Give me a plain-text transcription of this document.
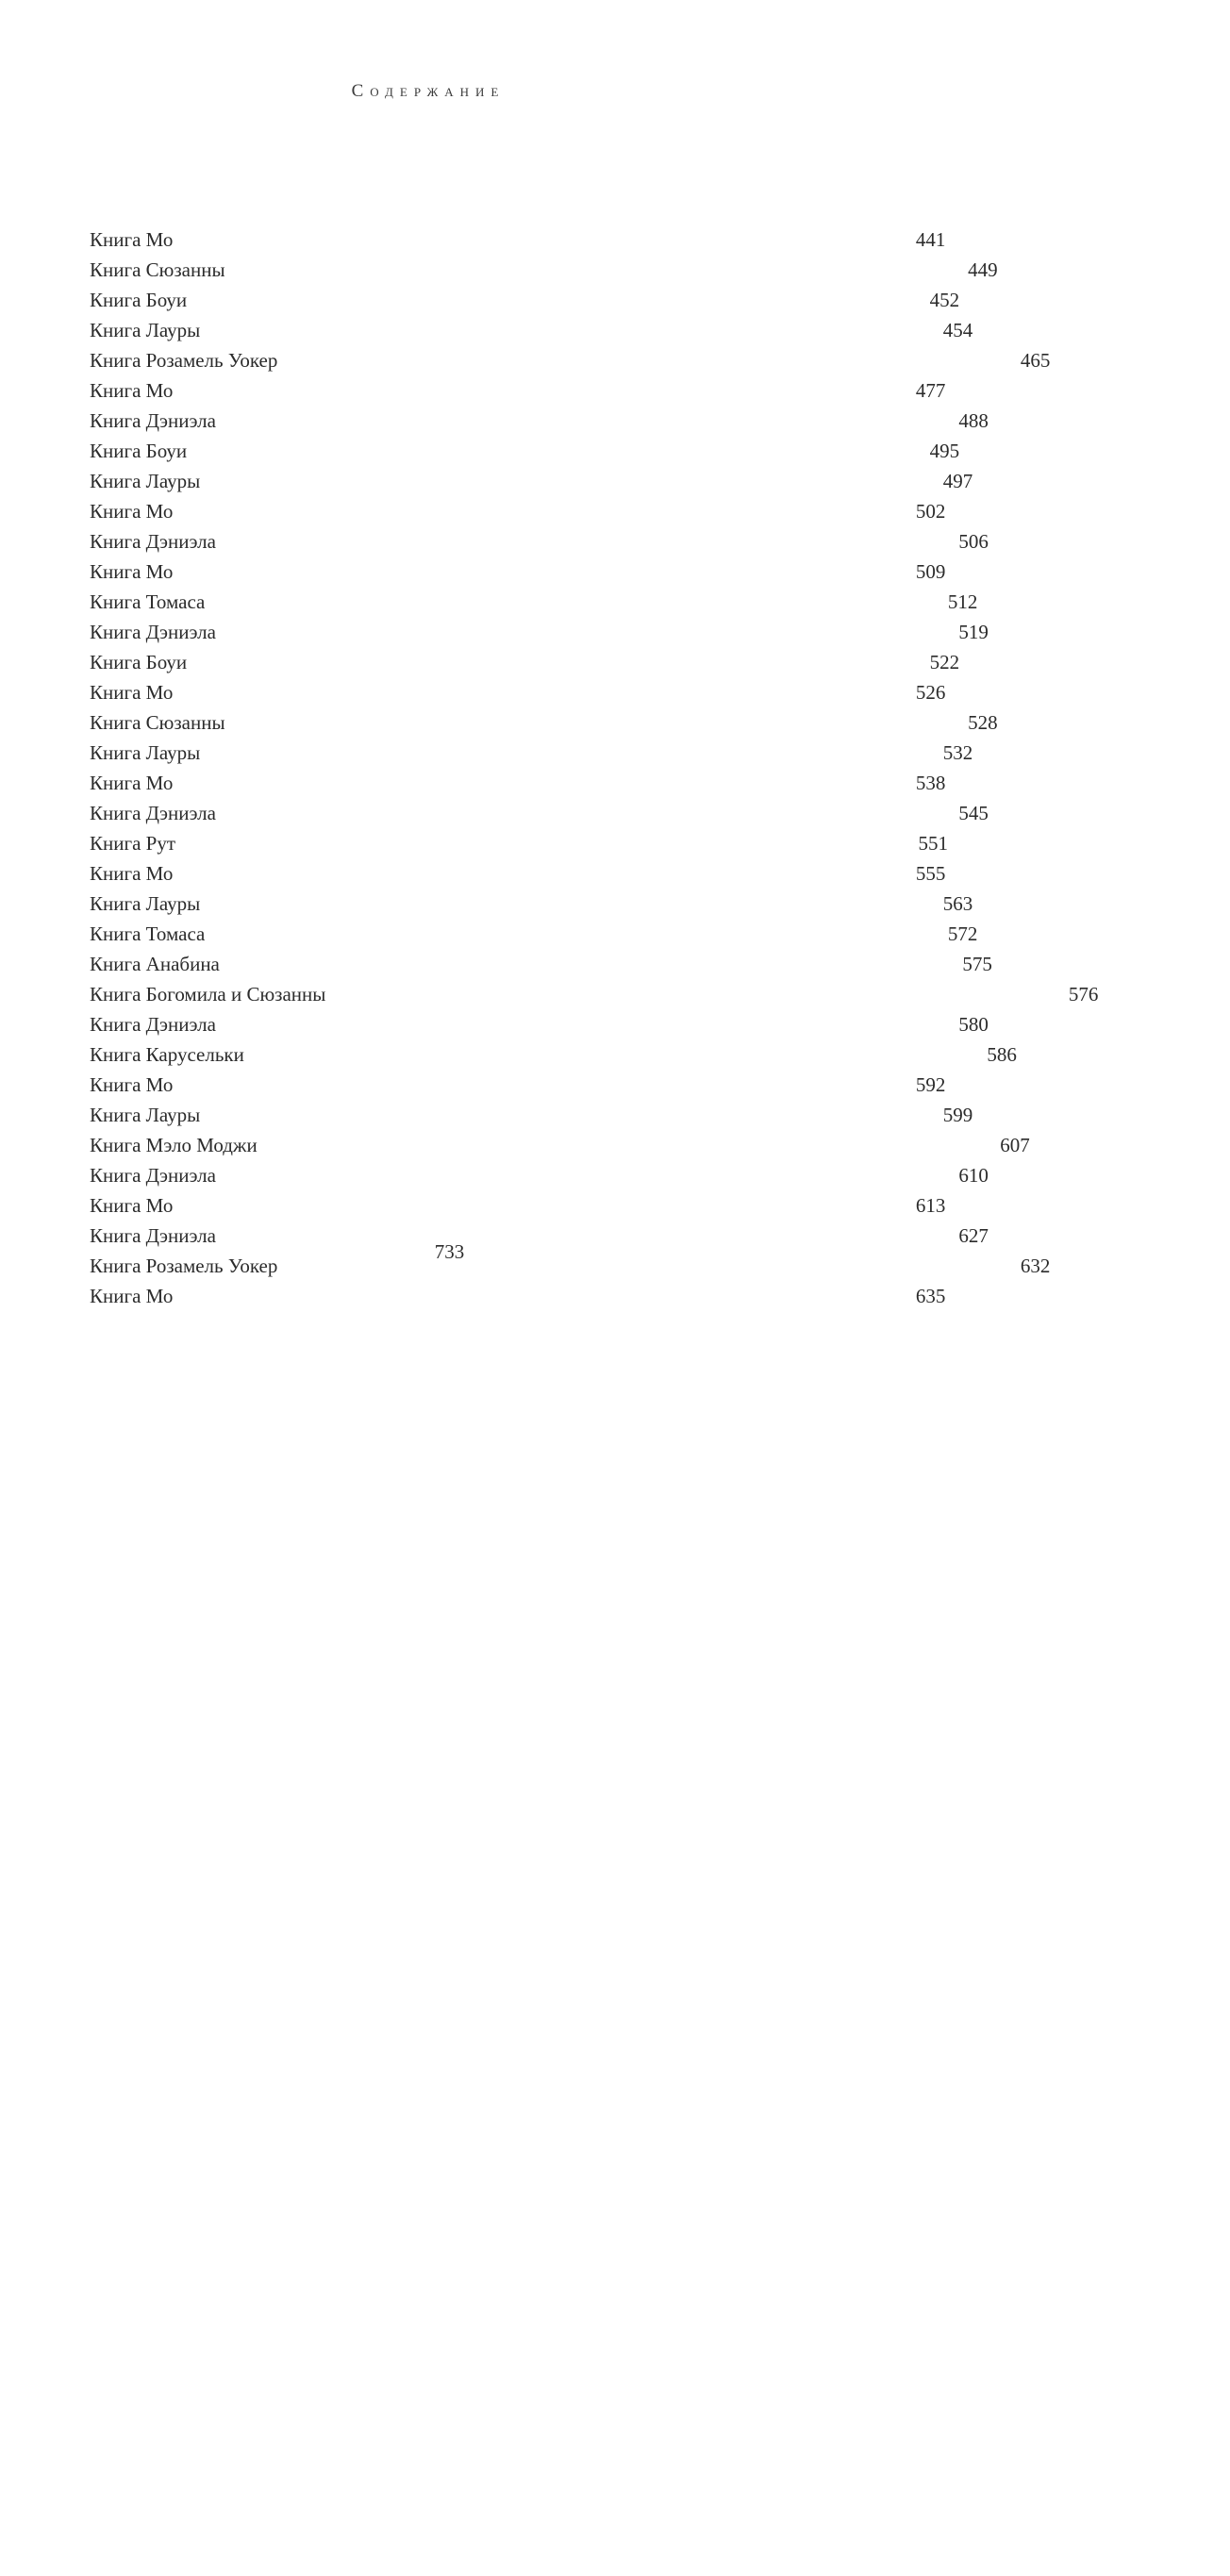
Содержание
Книга Мо	441
Книга Сюзанны	449
Книга Боуи	452
Книга Лауры	454
Книга Розамель Уокер	465
Книга Мо	477
Книга Дэниэла	488
Книга Боуи	495
Книга Лауры	497
Книга Мо	502
Книга Дэниэла	506
Книга Мо	509
Книга Томаса	512
Книга Дэниэла	519
Книга Боуи	522
Книга Мо	526
Книга Сюзанны	528
Книга Лауры	532
Книга Мо	538
Книга Дэниэла	545
Книга Рут	551
Книга Мо	555
Книга Лауры	563
Книга Томаса	572
Книга Анабина	575
Книга Богомила и Сюзанны	576
Книга Дэниэла	580
Книга Карусельки	586
Книга Мо	592
Книга Лауры	599
Книга Мэло Моджи	607
Книга Дэниэла	610
Книга Мо	613
Книга Дэниэла	627
Книга Розамель Уокер	632
Книга Мо	635
733
